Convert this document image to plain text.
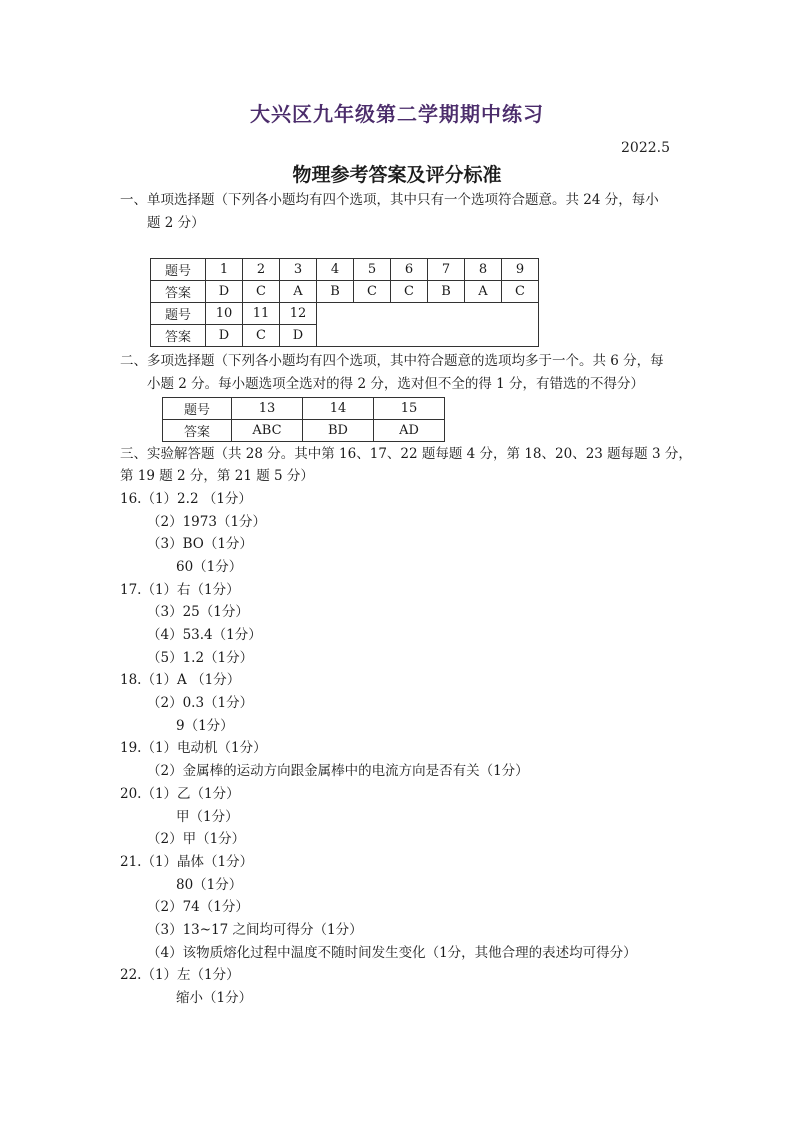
大兴区九年级第二学期期中练习
2022.5
物理参考答案及评分标准
一、单项选择题（下列各小题均有四个选项，其中只有一个选项符合题意。共 24 分，每小
题 2 分）
题号	1	2	3	4	5	6	7	8	9
答案	D	C	A	B	C	C	B	A	C
题号	10	11	12						
答案	D	C	D						
二、多项选择题（下列各小题均有四个选项，其中符合题意的选项均多于一个。共 6 分，每
小题 2 分。每小题选项全选对的得 2 分，选对但不全的得 1 分，有错选的不得分）
题号	13	14	15
答案	ABC	BD	AD
三、实验解答题（共 28 分。其中第 16、17、22 题每题 4 分，第 18、20、23 题每题 3 分，
第 19 题 2 分，第 21 题 5 分）
16.（1）2.2 （1分）
（2）1973（1分）
（3）BO（1分）
60（1分）
17.（1）右（1分）
（3）25（1分）
（4）53.4（1分）
（5）1.2（1分）
18.（1）A （1分）
（2）0.3（1分）
9（1分）
19.（1）电动机（1分）
（2）金属棒的运动方向跟金属棒中的电流方向是否有关（1分）
20.（1）乙（1分）
甲（1分）
（2）甲（1分）
21.（1）晶体（1分）
80（1分）
（2）74（1分）
（3）13~17 之间均可得分（1分）
（4）该物质熔化过程中温度不随时间发生变化（1分，其他合理的表述均可得分）
22.（1）左（1分）
缩小（1分）
